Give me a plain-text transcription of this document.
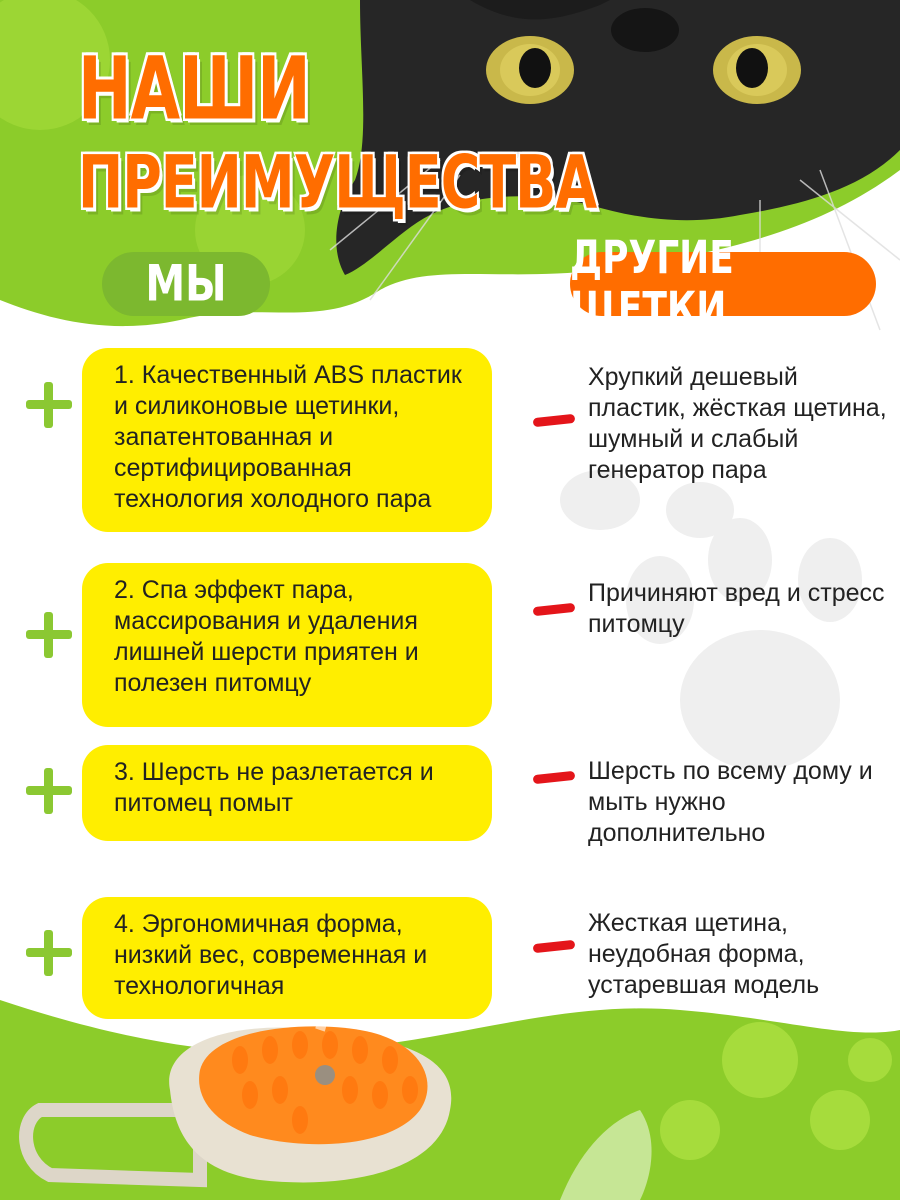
НАШИ
ПРЕИМУЩЕСТВА
МЫ	ДРУГИЕ ЩЕТКИ
1. Качественный ABS пластик и силиконовые щетинки, запатентованная и сертифицированная технология холодного пара
2. Спа эффект пара, массирования и удаления лишней шерсти приятен и полезен питомцу
3. Шерсть не разлетается и питомец помыт
4. Эргономичная форма, низкий вес, современная и технологичная
Хрупкий дешевый пластик, жёсткая щетина, шумный и слабый генератор пара
Причиняют вред и стресс питомцу
Шерсть по всему дому и мыть нужно дополнительно
Жесткая щетина, неудобная форма, устаревшая модель
